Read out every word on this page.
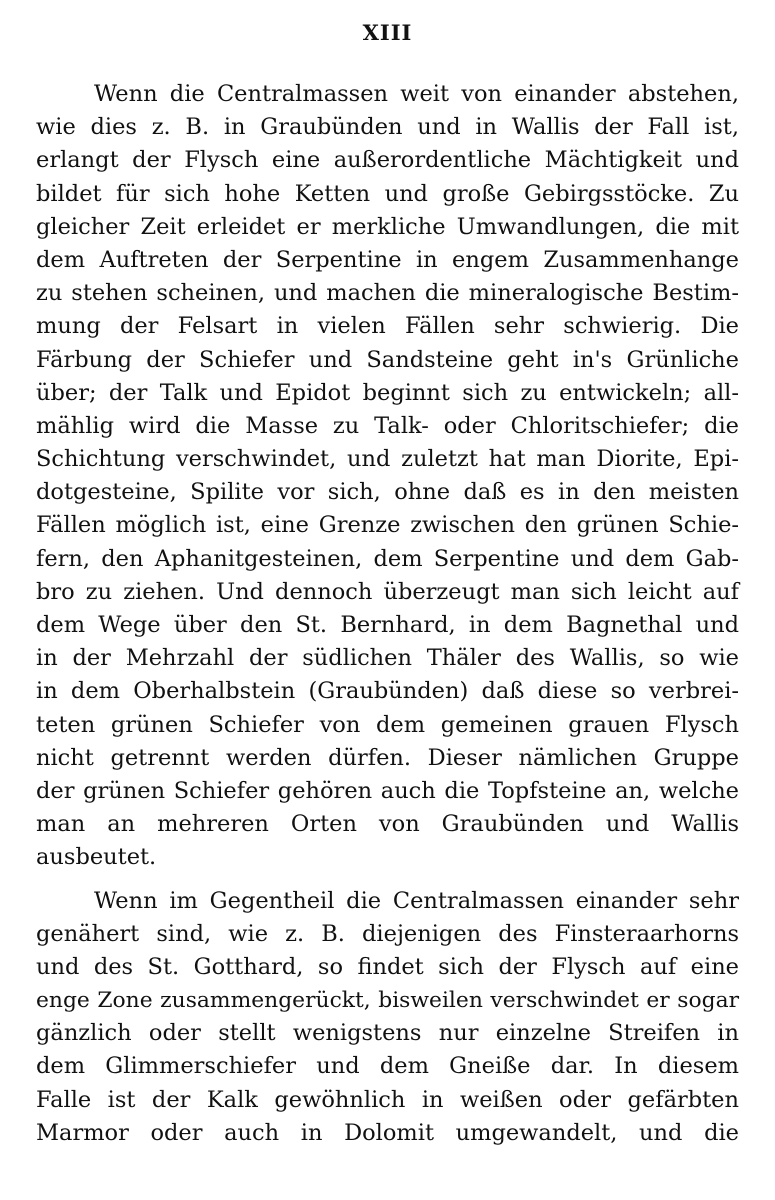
XIII
Wenn die Centralmassen weit von einander abstehen,
wie dies z. B. in Graubünden und in Wallis der Fall ist,
erlangt der Flysch eine außerordentliche Mächtigkeit und
bildet für sich hohe Ketten und große Gebirgsstöcke. Zu
gleicher Zeit erleidet er merkliche Umwandlungen, die mit
dem Auftreten der Serpentine in engem Zusammenhange
zu stehen scheinen, und machen die mineralogische Bestim-
mung der Felsart in vielen Fällen sehr schwierig. Die
Färbung der Schiefer und Sandsteine geht in's Grünliche
über; der Talk und Epidot beginnt sich zu entwickeln; all-
mählig wird die Masse zu Talk- oder Chloritschiefer; die
Schichtung verschwindet, und zuletzt hat man Diorite, Epi-
dotgesteine, Spilite vor sich, ohne daß es in den meisten
Fällen möglich ist, eine Grenze zwischen den grünen Schie-
fern, den Aphanitgesteinen, dem Serpentine und dem Gab-
bro zu ziehen. Und dennoch überzeugt man sich leicht auf
dem Wege über den St. Bernhard, in dem Bagnethal und
in der Mehrzahl der südlichen Thäler des Wallis, so wie
in dem Oberhalbstein (Graubünden) daß diese so verbrei-
teten grünen Schiefer von dem gemeinen grauen Flysch
nicht getrennt werden dürfen. Dieser nämlichen Gruppe
der grünen Schiefer gehören auch die Topfsteine an, welche
man an mehreren Orten von Graubünden und Wallis
ausbeutet.
Wenn im Gegentheil die Centralmassen einander sehr
genähert sind, wie z. B. diejenigen des Finsteraarhorns
und des St. Gotthard, so findet sich der Flysch auf eine
enge Zone zusammengerückt, bisweilen verschwindet er sogar
gänzlich oder stellt wenigstens nur einzelne Streifen in
dem Glimmerschiefer und dem Gneiße dar. In diesem
Falle ist der Kalk gewöhnlich in weißen oder gefärbten
Marmor oder auch in Dolomit umgewandelt, und die
